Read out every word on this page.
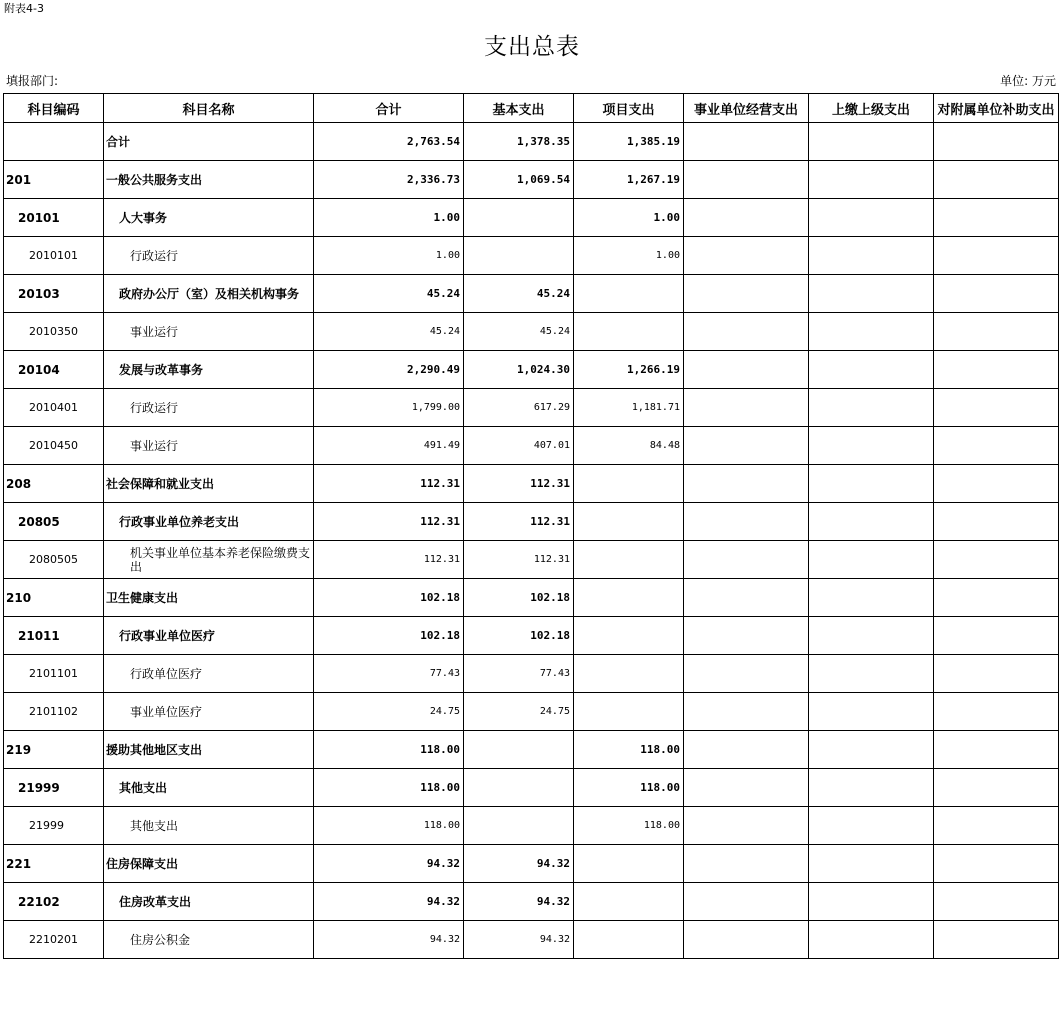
附表4-3
支出总表
填报部门:	单位: 万元
科目编码	科目名称	合计	基本支出	项目支出	事业单位经营支出	上缴上级支出	对附属单位补助支出
	合计	2,763.54	1,378.35	1,385.19			
201	一般公共服务支出	2,336.73	1,069.54	1,267.19			
20101	人大事务	1.00		1.00			
2010101	行政运行	1.00		1.00			
20103	政府办公厅（室）及相关机构事务	45.24	45.24				
2010350	事业运行	45.24	45.24				
20104	发展与改革事务	2,290.49	1,024.30	1,266.19			
2010401	行政运行	1,799.00	617.29	1,181.71			
2010450	事业运行	491.49	407.01	84.48			
208	社会保障和就业支出	112.31	112.31				
20805	行政事业单位养老支出	112.31	112.31				
2080505	机关事业单位基本养老保险缴费支出	112.31	112.31				
210	卫生健康支出	102.18	102.18				
21011	行政事业单位医疗	102.18	102.18				
2101101	行政单位医疗	77.43	77.43				
2101102	事业单位医疗	24.75	24.75				
219	援助其他地区支出	118.00		118.00			
21999	其他支出	118.00		118.00			
21999	其他支出	118.00		118.00			
221	住房保障支出	94.32	94.32				
22102	住房改革支出	94.32	94.32				
2210201	住房公积金	94.32	94.32				
